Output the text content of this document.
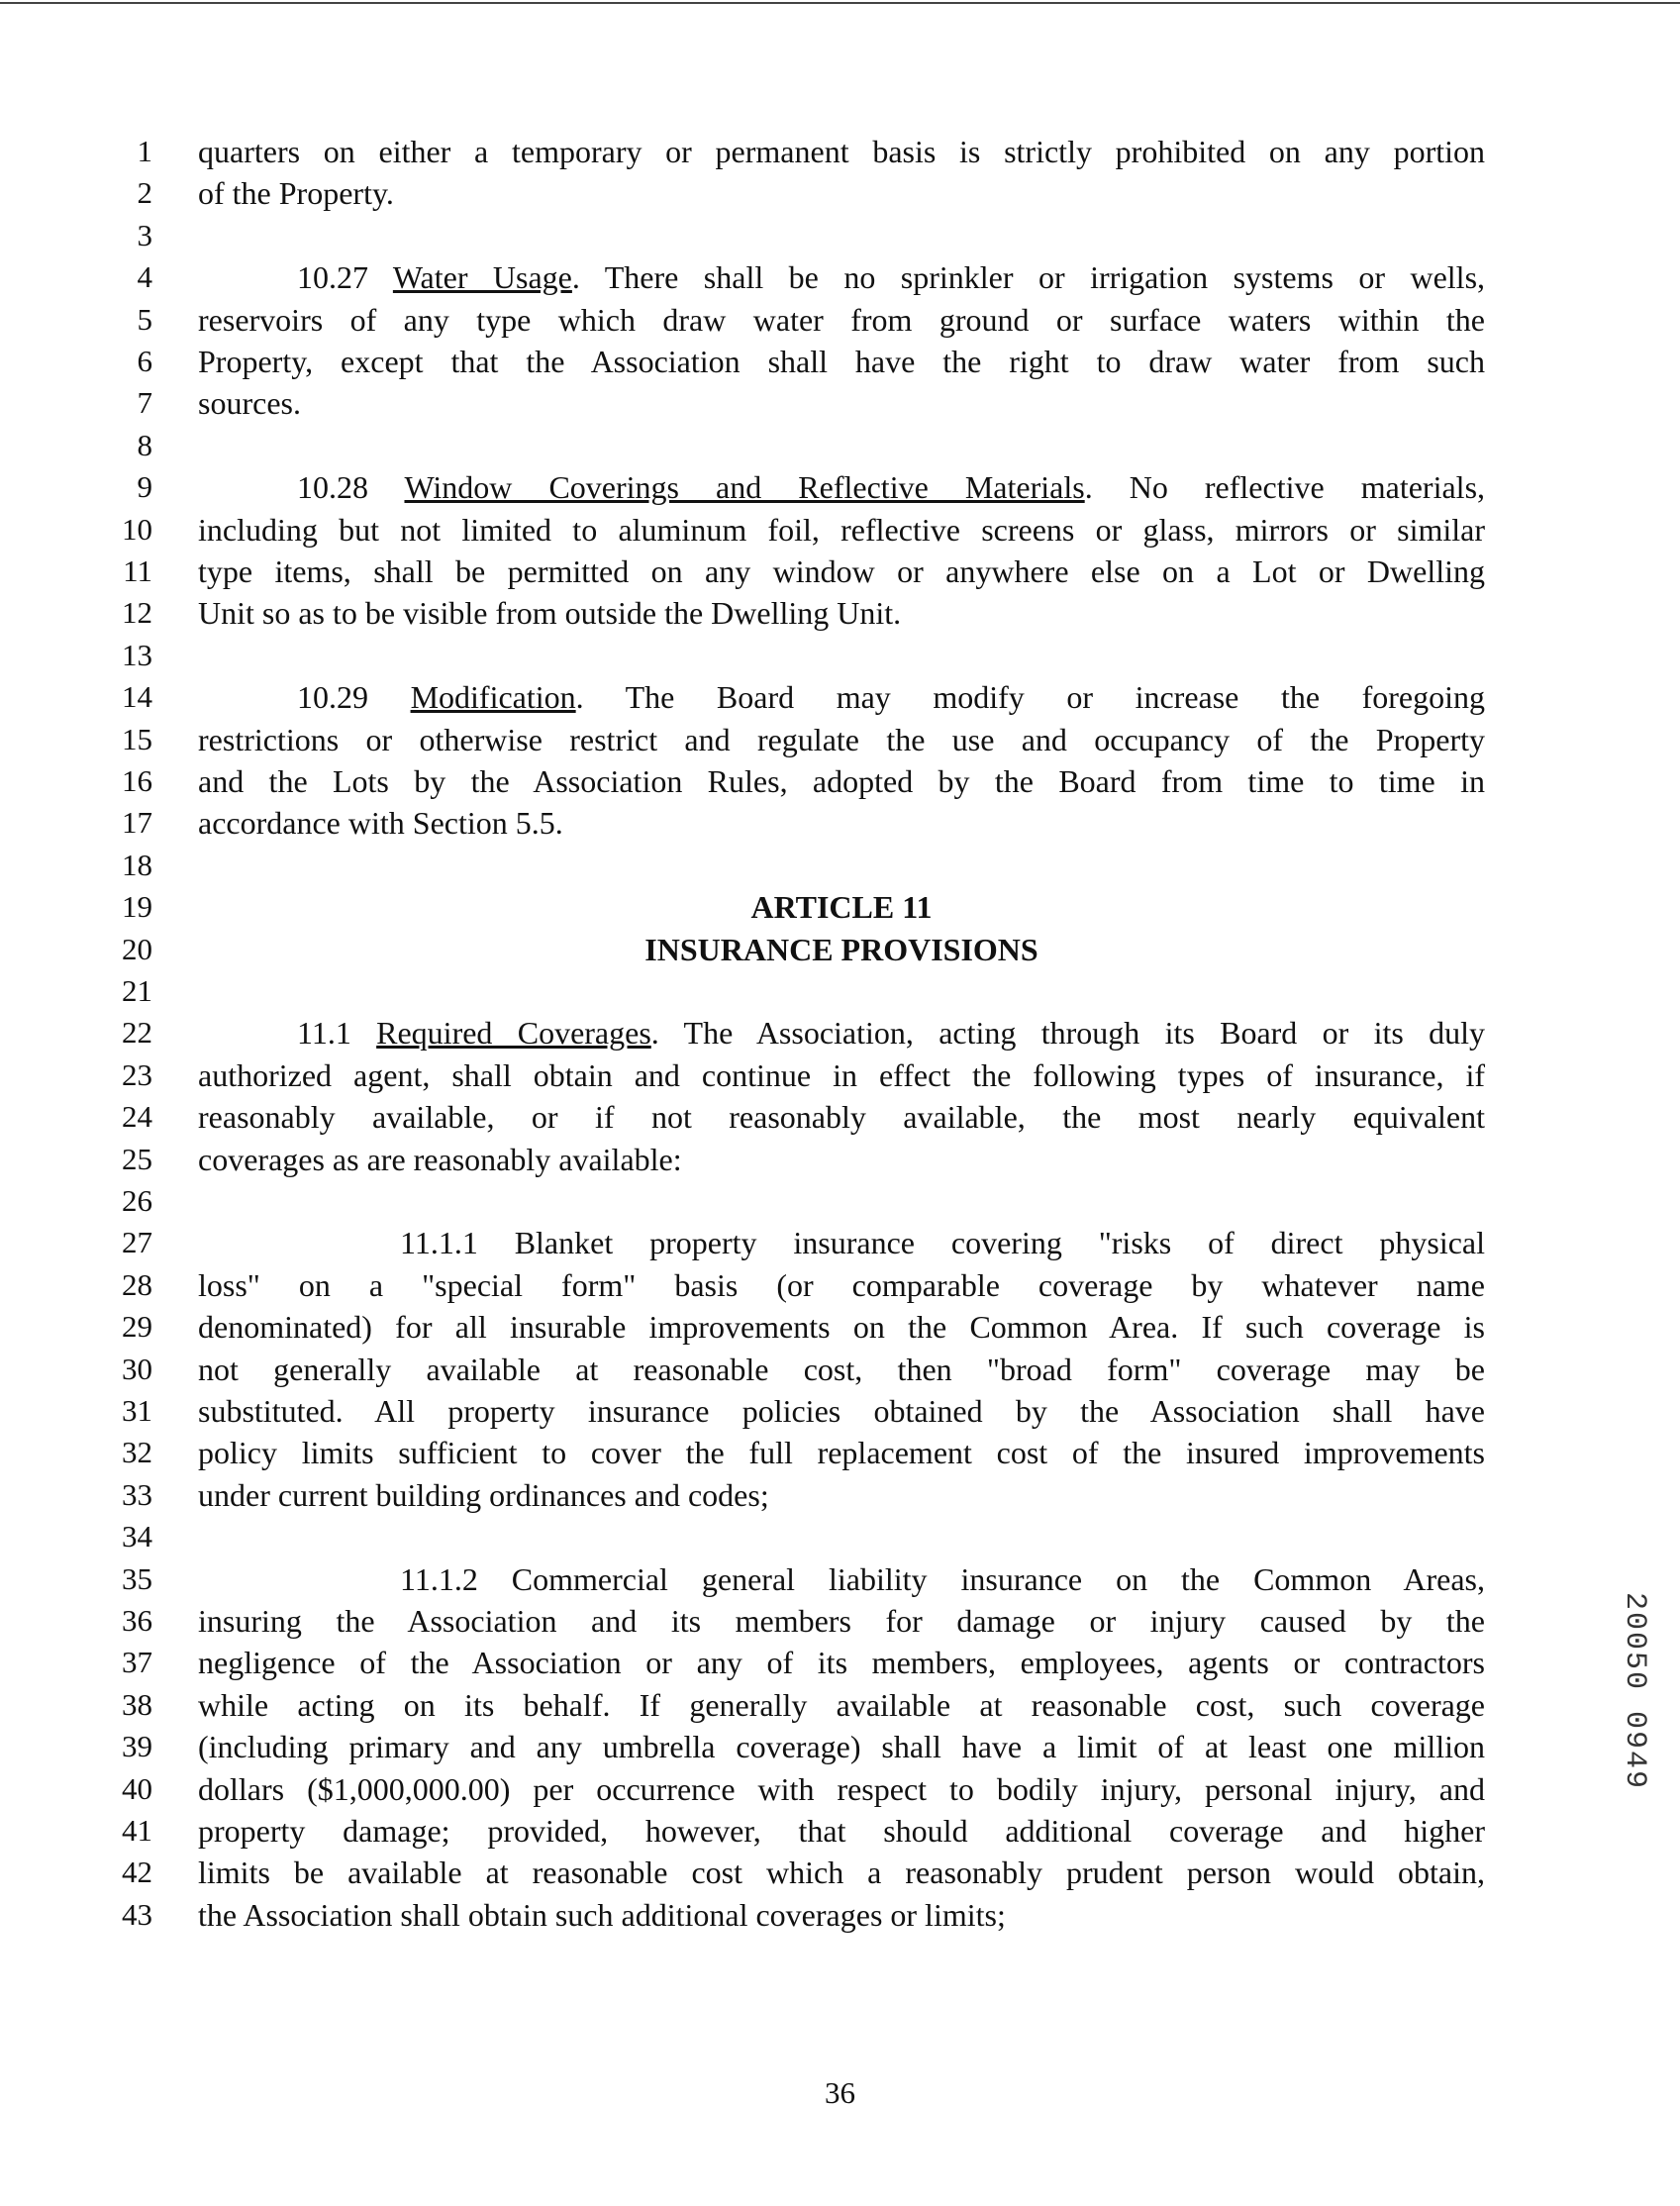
1 quarters on either a temporary or permanent basis is strictly prohibited on any portion
2 of the Property.
3
4	10.27 Water Usage. There shall be no sprinkler or irrigation systems or wells,
5 reservoirs of any type which draw water from ground or surface waters within the
6 Property, except that the Association shall have the right to draw water from such
7 sources.
8
9	10.28 Window Coverings and Reflective Materials. No reflective materials,
10 including but not limited to aluminum foil, reflective screens or glass, mirrors or similar
11 type items, shall be permitted on any window or anywhere else on a Lot or Dwelling
12 Unit so as to be visible from outside the Dwelling Unit.
13
14	10.29 Modification. The Board may modify or increase the foregoing
15 restrictions or otherwise restrict and regulate the use and occupancy of the Property
16 and the Lots by the Association Rules, adopted by the Board from time to time in
17 accordance with Section 5.5.
18
19	ARTICLE 11
20	INSURANCE PROVISIONS
21
22	11.1 Required Coverages. The Association, acting through its Board or its duly
23 authorized agent, shall obtain and continue in effect the following types of insurance, if
24 reasonably available, or if not reasonably available, the most nearly equivalent
25 coverages as are reasonably available:
26
27	11.1.1 Blanket property insurance covering "risks of direct physical
28 loss" on a "special form" basis (or comparable coverage by whatever name
29 denominated) for all insurable improvements on the Common Area. If such coverage is
30 not generally available at reasonable cost, then "broad form" coverage may be
31 substituted. All property insurance policies obtained by the Association shall have
32 policy limits sufficient to cover the full replacement cost of the insured improvements
33 under current building ordinances and codes;
34
35	11.1.2 Commercial general liability insurance on the Common Areas,
36 insuring the Association and its members for damage or injury caused by the
37 negligence of the Association or any of its members, employees, agents or contractors
38 while acting on its behalf. If generally available at reasonable cost, such coverage
39 (including primary and any umbrella coverage) shall have a limit of at least one million
40 dollars ($1,000,000.00) per occurrence with respect to bodily injury, personal injury, and
41 property damage; provided, however, that should additional coverage and higher
42 limits be available at reasonable cost which a reasonably prudent person would obtain,
43 the Association shall obtain such additional coverages or limits;
36
20050 0949
